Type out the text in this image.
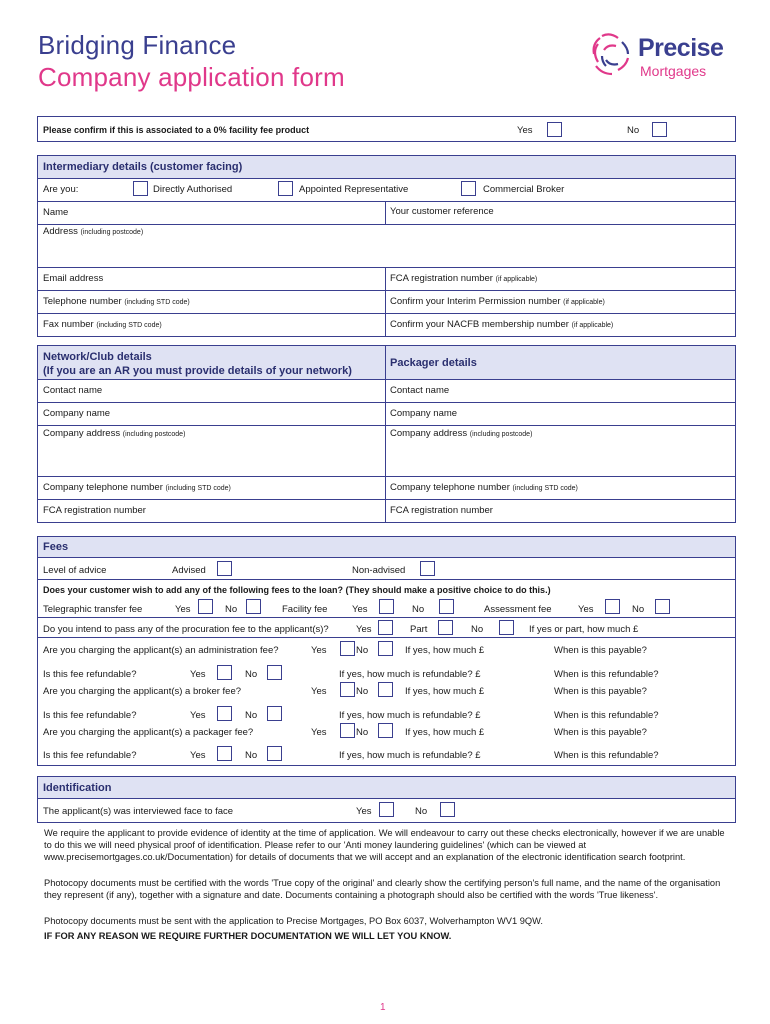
Bridging Finance
Company application form
Precise
Mortgages
Please confirm if this is associated to a 0% facility fee product	Yes	No
Intermediary details (customer facing)
Are you:	Directly Authorised	Appointed Representative	Commercial Broker
Name	Your customer reference
Address (including postcode)
Email address	FCA registration number (if applicable)
Telephone number (including STD code)	Confirm your Interim Permission number (if applicable)
Fax number (including STD code)	Confirm your NACFB membership number (if applicable)
Network/Club details
(If you are an AR you must provide details of your network)
Packager details
Contact name	Contact name
Company name	Company name
Company address (including postcode)	Company address (including postcode)
Company telephone number (including STD code)	Company telephone number (including STD code)
FCA registration number	FCA registration number
Fees
Level of advice	Advised	Non-advised
Does your customer wish to add any of the following fees to the loan? (They should make a positive choice to do this.)
Telegraphic transfer fee	Yes	No	Facility fee	Yes	No	Assessment fee	Yes	No
Do you intend to pass any of the procuration fee to the applicant(s)?	Yes	Part	No	If yes or part, how much £
Are you charging the applicant(s) an administration fee?	Yes	No	If yes, how much £	When is this payable?
Is this fee refundable?	Yes	No	If yes, how much is refundable? £	When is this refundable?
Are you charging the applicant(s) a broker fee?	Yes	No	If yes, how much £	When is this payable?
Is this fee refundable?	Yes	No	If yes, how much is refundable? £	When is this refundable?
Are you charging the applicant(s) a packager fee?	Yes	No	If yes, how much £	When is this payable?
Is this fee refundable?	Yes	No	If yes, how much is refundable? £	When is this refundable?
Identification
The applicant(s) was interviewed face to face	Yes	No
We require the applicant to provide evidence of identity at the time of application. We will endeavour to carry out these checks electronically, however if we are unable to do this we will need physical proof of identification. Please refer to our 'Anti money laundering guidelines' (which can be viewed at www.precisemortgages.co.uk/Documentation) for details of documents that we will accept and an explanation of the electronic identification search footprint.
Photocopy documents must be certified with the words 'True copy of the original' and clearly show the certifying person's full name, and the name of the organisation they represent (if any), together with a signature and date. Documents containing a photograph should also be certified with the words 'True likeness'.
Photocopy documents must be sent with the application to Precise Mortgages, PO Box 6037, Wolverhampton WV1 9QW.
IF FOR ANY REASON WE REQUIRE FURTHER DOCUMENTATION WE WILL LET YOU KNOW.
1
